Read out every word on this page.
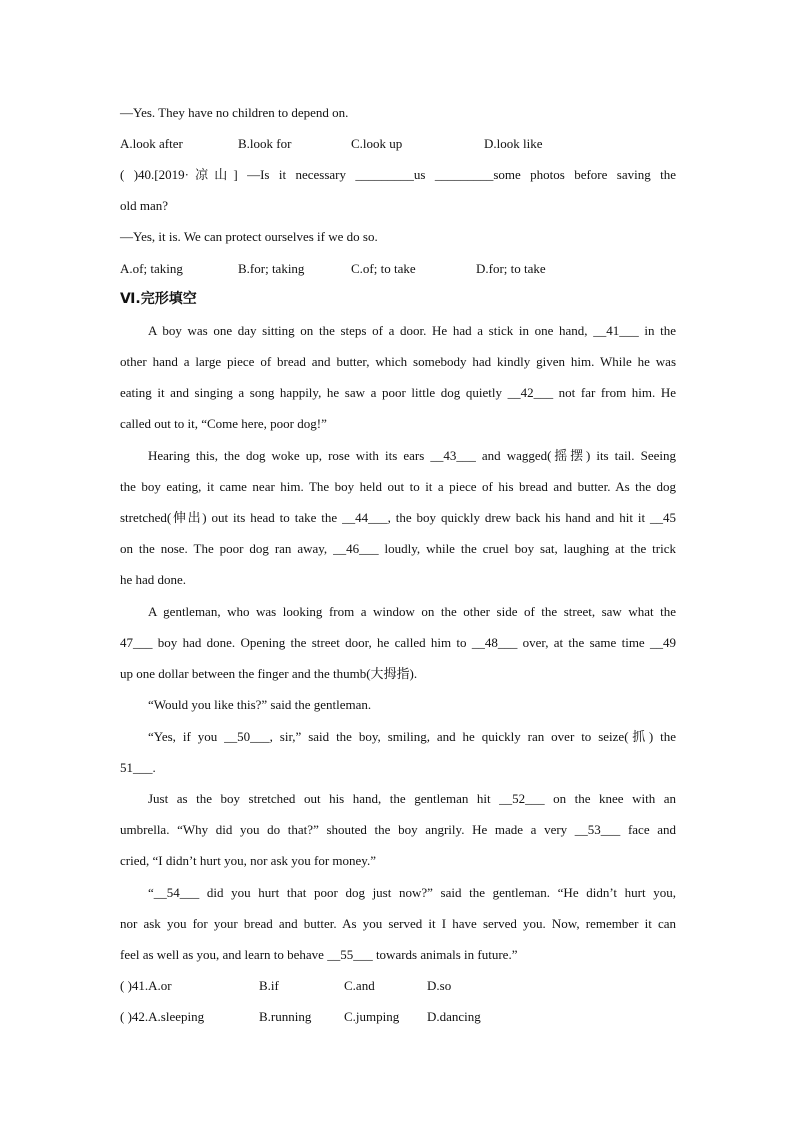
—Yes. They have no children to depend on.
A.look after	B.look for	C.look up	D.look like
( )40.[2019·凉山] —Is it necessary _________us _________some photos before saving the
old man?
—Yes, it is. We can protect ourselves if we do so.
A.of; taking	B.for; taking	C.of; to take	D.for; to take
Ⅵ.完形填空
A boy was one day sitting on the steps of a door. He had a stick in one hand, __41___ in the
other hand a large piece of bread and butter, which somebody had kindly given him. While he was
eating it and singing a song happily, he saw a poor little dog quietly __42___ not far from him. He
called out to it, “Come here, poor dog!”
Hearing this, the dog woke up, rose with its ears __43___ and wagged(摇摆) its tail. Seeing
the boy eating, it came near him. The boy held out to it a piece of his bread and butter. As the dog
stretched(伸出) out its head to take the __44___, the boy quickly drew back his hand and hit it __45
on the nose. The poor dog ran away, __46___ loudly, while the cruel boy sat, laughing at the trick
he had done.
A gentleman, who was looking from a window on the other side of the street, saw what the
47___ boy had done. Opening the street door, he called him to __48___ over, at the same time __49
up one dollar between the finger and the thumb(大拇指).
“Would you like this?” said the gentleman.
“Yes, if you __50___, sir,” said the boy, smiling, and he quickly ran over to seize(抓) the
51___.
Just as the boy stretched out his hand, the gentleman hit __52___ on the knee with an
umbrella. “Why did you do that?” shouted the boy angrily. He made a very __53___ face and
cried, “I didn’t hurt you, nor ask you for money.”
“__54___ did you hurt that poor dog just now?” said the gentleman. “He didn’t hurt you,
nor ask you for your bread and butter. As you served it I have served you. Now, remember it can
feel as well as you, and learn to behave __55___ towards animals in future.”
( )41.A.or	B.if	C.and	D.so
( )42.A.sleeping	B.running	C.jumping D.dancing
